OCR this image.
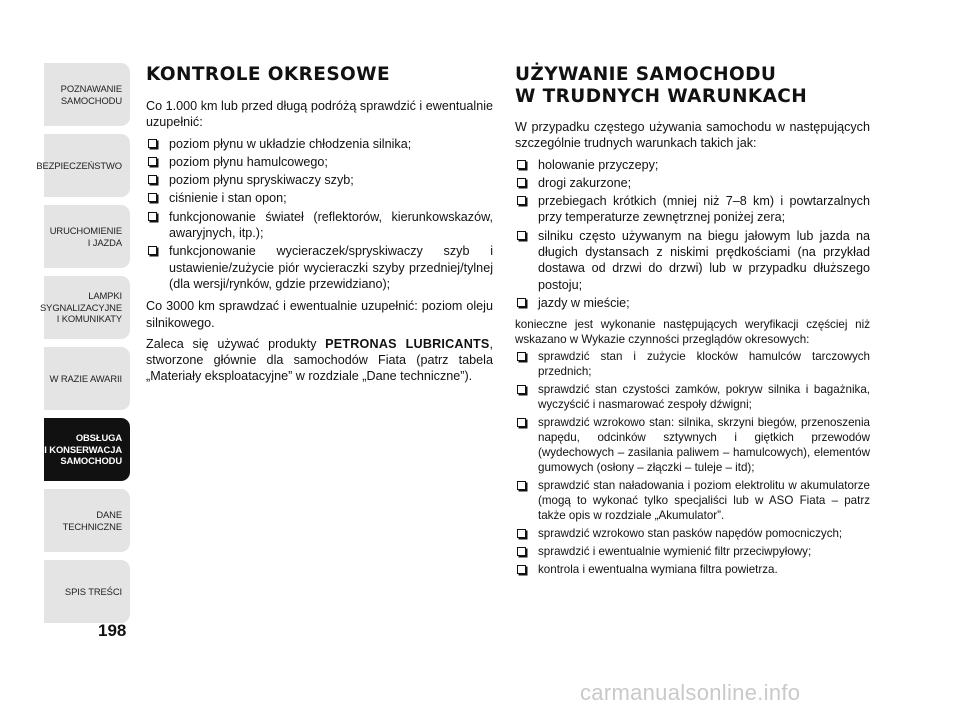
POZNAWANIE
SAMOCHODU
BEZPIECZEŃSTWO
URUCHOMIENIE
I JAZDA
LAMPKI
SYGNALIZACYJNE
I KOMUNIKATY
W RAZIE AWARII
OBSŁUGA
I KONSERWACJA
SAMOCHODU
DANE
TECHNICZNE
SPIS TREŚCI
198
KONTROLE OKRESOWE

Co 1.000 km lub przed długą podróżą sprawdzić i ewentualnie uzupełnić:

poziom płynu w układzie chłodzenia silnika;
poziom płynu hamulcowego;
poziom płynu spryskiwaczy szyb;
ciśnienie i stan opon;
funkcjonowanie świateł (reflektorów, kierunkowskazów, awaryjnych, itp.);
funkcjonowanie wycieraczek/spryskiwaczy szyb i ustawienie/zużycie piór wycieraczki szyby przedniej/tylnej (dla wersji/rynków, gdzie przewidziano);

Co 3000 km sprawdzać i ewentualnie uzupełnić: poziom oleju silnikowego.

Zaleca się używać produkty PETRONAS LUBRICANTS, stworzone głównie dla samochodów Fiata (patrz tabela „Materiały eksploatacyjne” w rozdziale „Dane techniczne”).

UŻYWANIE SAMOCHODU
W TRUDNYCH WARUNKACH

W przypadku częstego używania samochodu w następujących szczególnie trudnych warunkach takich jak:

holowanie przyczepy;
drogi zakurzone;
przebiegach krótkich (mniej niż 7–8 km) i powtarzalnych przy temperaturze zewnętrznej poniżej zera;
silniku często używanym na biegu jałowym lub jazda na długich dystansach z niskimi prędkościami (na przykład dostawa od drzwi do drzwi) lub w przypadku dłuższego postoju;
jazdy w mieście;

konieczne jest wykonanie następujących weryfikacji częściej niż wskazano w Wykazie czynności przeglądów okresowych:

sprawdzić stan i zużycie klocków hamulców tarczowych przednich;
sprawdzić stan czystości zamków, pokryw silnika i bagażnika, wyczyścić i nasmarować zespoły dźwigni;
sprawdzić wzrokowo stan: silnika, skrzyni biegów, przenoszenia napędu, odcinków sztywnych i giętkich przewodów (wydechowych – zasilania paliwem – hamulcowych), elementów gumowych (osłony – złączki – tuleje – itd);
sprawdzić stan naładowania i poziom elektrolitu w akumulatorze (mogą to wykonać tylko specjaliści lub w ASO Fiata – patrz także opis w rozdziale „Akumulator”.
sprawdzić wzrokowo stan pasków napędów pomocniczych;
sprawdzić i ewentualnie wymienić filtr przeciwpyłowy;
kontrola i ewentualna wymiana filtra powietrza.
carmanualsonline.info
